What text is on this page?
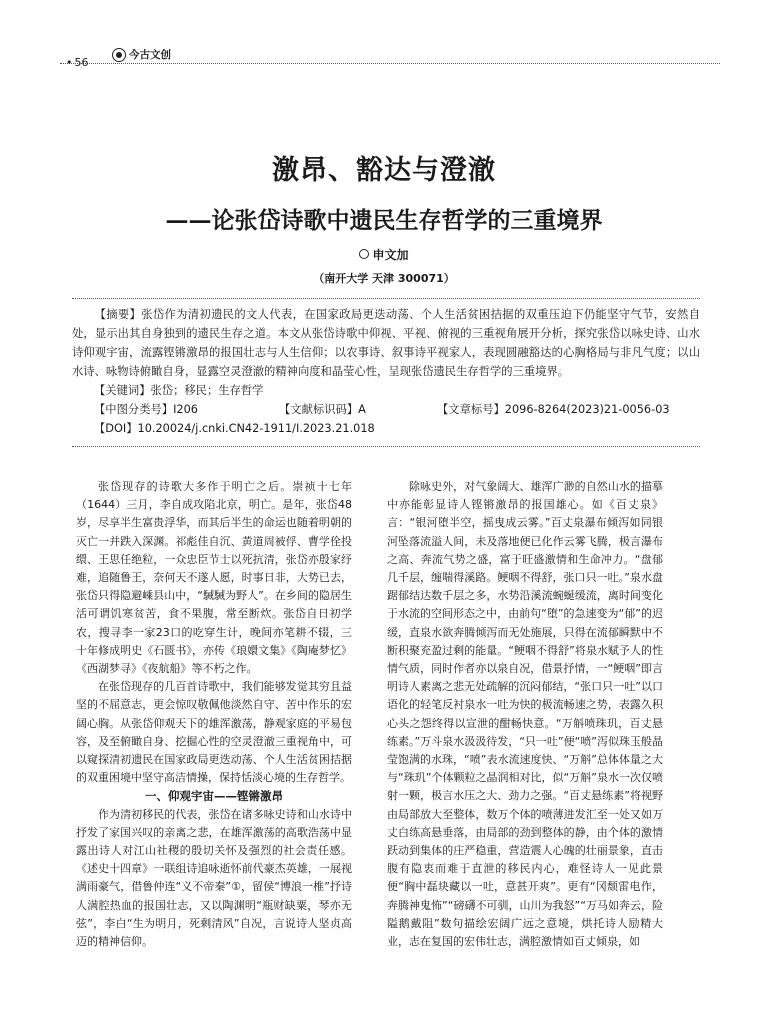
• 56
今古文创
激昂、豁达与澄澈
——论张岱诗歌中遗民生存哲学的三重境界
申文加
（南开大学 天津 300071）

【摘要】张岱作为清初遗民的文人代表，在国家政局更迭动荡、个人生活贫困拮据的双重压迫下仍能坚守气节，安然自处，显示出其自身独到的遗民生存之道。本文从张岱诗歌中仰视、平视、俯视的三重视角展开分析，探究张岱以咏史诗、山水诗仰观宇宙，流露铿锵激昂的报国壮志与人生信仰；以农事诗、叙事诗平视家人，表现圆融豁达的心胸格局与非凡气度；以山水诗、咏物诗俯瞰自身，显露空灵澄澈的精神向度和晶莹心性，呈现张岱遗民生存哲学的三重境界。

【关键词】张岱；移民；生存哲学

【中图分类号】I206	【文献标识码】A	【文章标号】2096-8264(2023)21-0056-03

【DOI】10.20024/j.cnki.CN42-1911/I.2023.21.018

张岱现存的诗歌大多作于明亡之后。崇祯十七年（1644）三月，李自成攻陷北京，明亡。是年，张岱48岁，尽享半生富贵浮华，而其后半生的命运也随着明朝的灭亡一并跌入深渊。祁彪佳自沉、黄道周被俘、曹学佺投缳、王思任绝粒，一众忠臣节士以死抗清，张岱亦殷家纾难，追随鲁王，奈何天不遂人愿，时事日非，大势已去，张岱只得隐避嵊县山中，“駴駴为野人”。在乡间的隐居生活可谓饥寒贫苦，食不果腹，常至断炊。张岱自日初学农，搜寻李一家23口的吃穿生计，晚间亦笔耕不辍，三十年修成明史《石匮书》，亦传《琅嬛文集》《陶庵梦忆》《西湖梦寻》《夜航船》等不朽之作。

在张岱现存的几百首诗歌中，我们能够发觉其穷且益坚的不屈意志，更会惊叹敬佩他淡然自守、苦中作乐的宏阔心胸。从张岱仰观天下的雄浑激荡，静观家庭的平易包容，及至俯瞰自身、挖掘心性的空灵澄澈三重视角中，可以窥探清初遗民在国家政局更迭动荡、个人生活贫困拮据的双重困境中坚守高洁情操，保持恬淡心境的生存哲学。

一、仰观宇宙——铿锵激昂

作为清初移民的代表，张岱在诸多咏史诗和山水诗中抒发了家国兴叹的亲离之悲，在雄浑激荡的高歌浩荡中显露出诗人对江山社稷的殷切关怀及强烈的社会责任感。《述史十四章》一联组诗追咏逝怀前代豪杰英雄，一展视满雨豪气，借鲁仲连“义不帝秦”①，留侯“博浪一椎”抒诗人满腔热血的报国壮志，又以陶渊明“瓶财缺粟，琴亦无弦”，李白“生为明月，死剩清风”自况，言说诗人坚贞高迈的精神信仰。

除咏史外，对气象阔大、雄浑广渺的自然山水的描摹中亦能彰显诗人铿锵激昂的报国雄心。如《百丈泉》言：“银河堕半空，摇曳成云雾。”百丈泉瀑布倾泻如同银河坠落流溢人间，未及落地便已化作云雾飞腾，极言瀑布之高、奔流气势之盛，富于旺盛激情和生命冲力。“盘郁几千层，缠喘得溪路。鲠咽不得舒，张口只一吐。”泉水盘踞郁结达数千层之多，水势沿溪流蜿蜒缓流，离时间变化于水流的空间形态之中，由前句“堕”的急速变为“郁”的迟缓，直泉水欲奔腾倾泻而无处施展，只得在流郁瞬默中不断积聚充盈过剩的能量。“鲠咽不得舒”将泉水赋予人的性情气质，同时作者亦以泉自况，借景抒情，一“鲠咽”即言明诗人素离之悲无处疏解的沉闷郁结，“张口只一吐”以口语化的轻笔反衬泉水一吐为快的极流畅速之势，表露久积心头之怨终得以宣泄的酣畅快意。“万斛喷珠玑，百丈悬练素。”万斗泉水汲汲待发，“只一吐”便“喷”泻似珠玉般晶莹饱满的水珠，“喷”表水流速度快、“万斛”总体体量之大与“珠玑”个体颗粒之晶润相对比，似“万斛”泉水一次仅喷射一颗，极言水压之大、劲力之强。“百丈悬练素”将视野由局部放大至整体，数万个体的喷薄进发汇至一处又如万丈白练高悬垂落，由局部的劲到整体的静，由个体的激情跃动到集体的庄严稳重，营造震人心魄的壮丽景象，直击腹有隐衷而难于直泄的移民内心，难怪诗人一见此景便“胸中磊块藏以一吐，意甚开爽”。更有“冈颓雷电作，奔腾神鬼怖”“磅礴不可驯，山川为我怒”“万马如奔云，险隘鹅戴阻”数句描绘宏阔广远之意境，烘托诗人励精大业，志在复国的宏伟壮志，满腔激情如百丈倾泉，如
